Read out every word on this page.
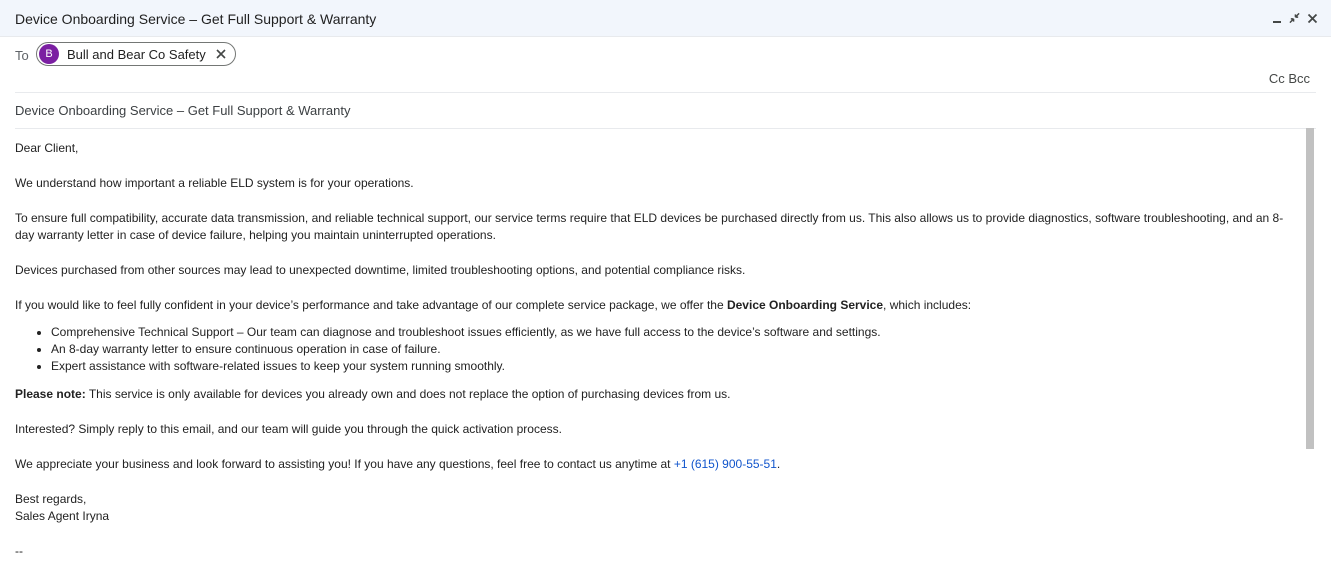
Device Onboarding Service – Get Full Support & Warranty
To	B	Bull and Bear Co Safety
Cc Bcc
Device Onboarding Service – Get Full Support & Warranty

Dear Client,

We understand how important a reliable ELD system is for your operations.

To ensure full compatibility, accurate data transmission, and reliable technical support, our service terms require that ELD devices be purchased directly from us. This also allows us to provide diagnostics, software troubleshooting, and an 8-day warranty letter in case of device failure, helping you maintain uninterrupted operations.

Devices purchased from other sources may lead to unexpected downtime, limited troubleshooting options, and potential compliance risks.

If you would like to feel fully confident in your device’s performance and take advantage of our complete service package, we offer the Device Onboarding Service, which includes:

• Comprehensive Technical Support – Our team can diagnose and troubleshoot issues efficiently, as we have full access to the device’s software and settings.
• An 8-day warranty letter to ensure continuous operation in case of failure.
• Expert assistance with software-related issues to keep your system running smoothly.

Please note: This service is only available for devices you already own and does not replace the option of purchasing devices from us.

Interested? Simply reply to this email, and our team will guide you through the quick activation process.

We appreciate your business and look forward to assisting you! If you have any questions, feel free to contact us anytime at +1 (615) 900-55-51.

Best regards,

Sales Agent Iryna

--
